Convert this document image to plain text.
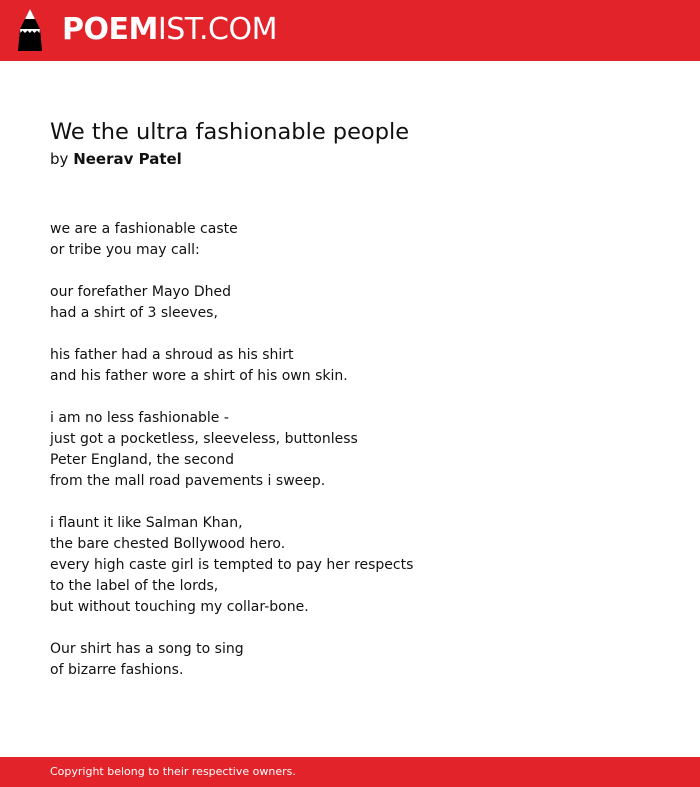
POEMIST.COM
We the ultra fashionable people
by Neerav Patel
we are a fashionable caste
or tribe you may call:
our forefather Mayo Dhed
had a shirt of 3 sleeves,
his father had a shroud as his shirt
and his father wore a shirt of his own skin.
i am no less fashionable -
just got a pocketless, sleeveless, buttonless
Peter England, the second
from the mall road pavements i sweep.
i flaunt it like Salman Khan,
the bare chested Bollywood hero.
every high caste girl is tempted to pay her respects
to the label of the lords,
but without touching my collar-bone.
Our shirt has a song to sing
of bizarre fashions.
Copyright belong to their respective owners.
